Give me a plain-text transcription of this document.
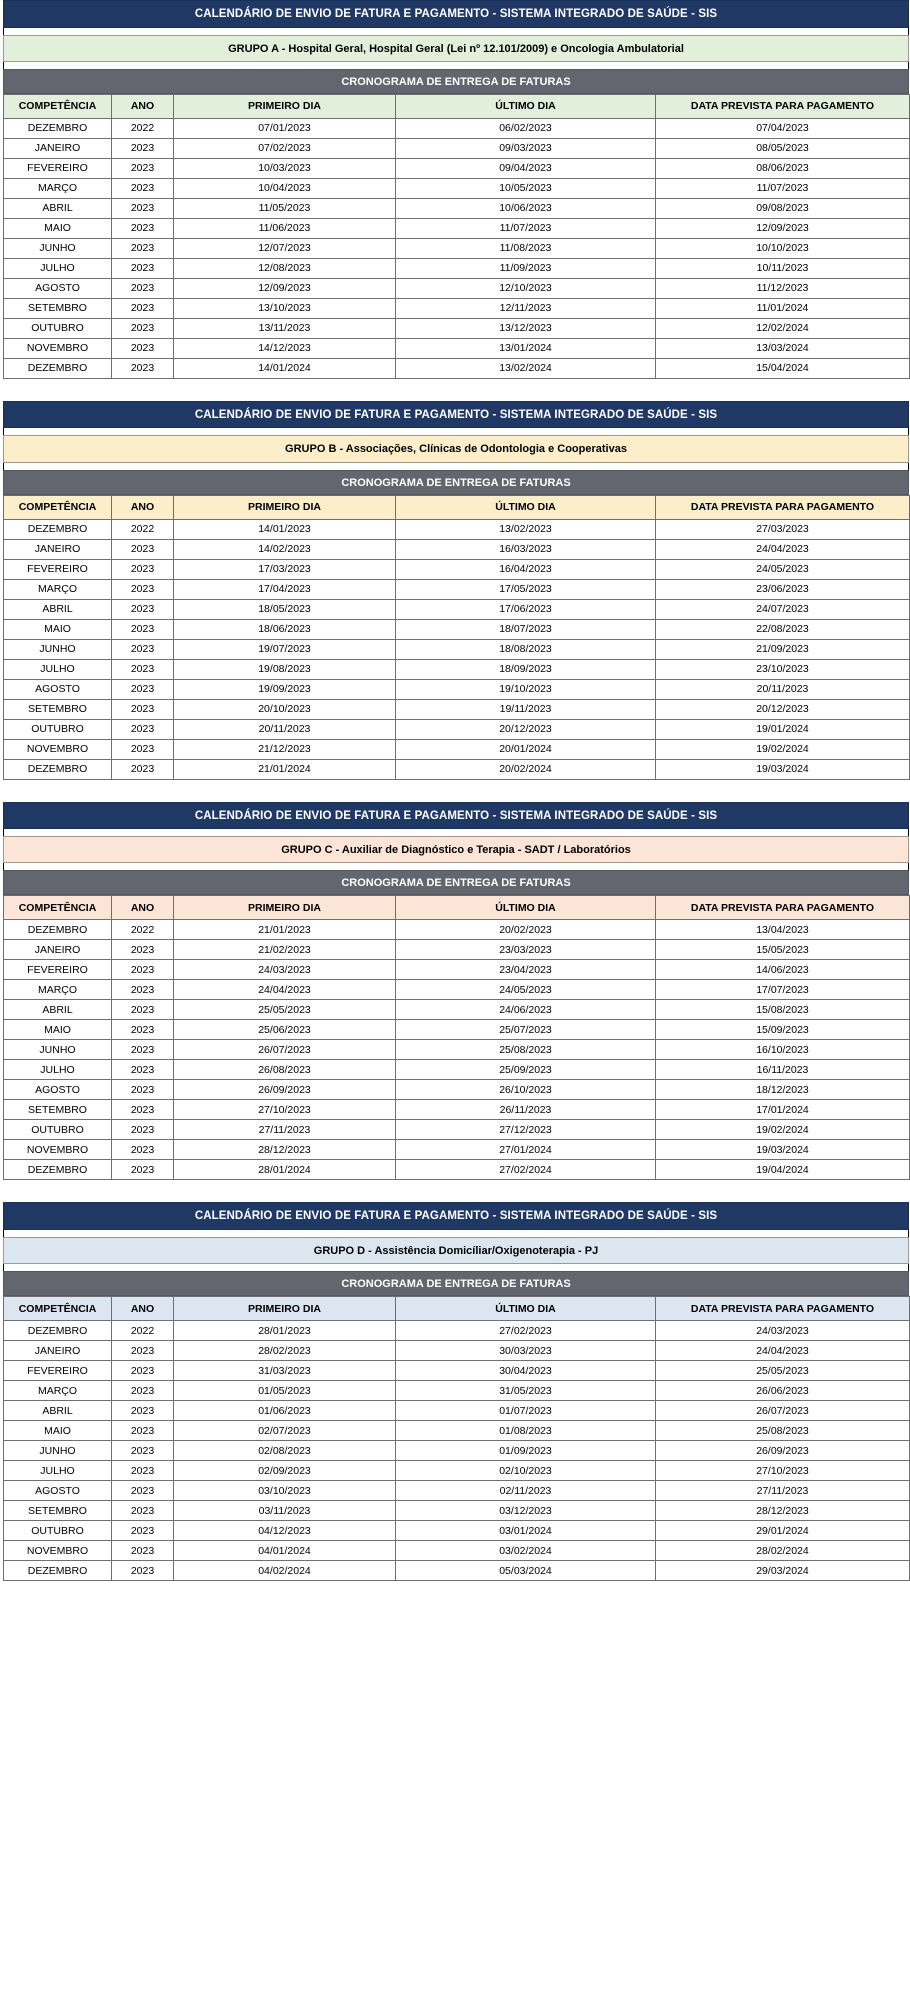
CALENDÁRIO DE ENVIO DE FATURA E PAGAMENTO - SISTEMA INTEGRADO DE SAÚDE - SIS
GRUPO A - Hospital Geral, Hospital Geral (Lei nº 12.101/2009) e Oncologia Ambulatorial
CRONOGRAMA DE ENTREGA DE FATURAS
COMPETÊNCIA	ANO	PRIMEIRO DIA	ÚLTIMO DIA	DATA PREVISTA PARA PAGAMENTO
DEZEMBRO	2022	07/01/2023	06/02/2023	07/04/2023
JANEIRO	2023	07/02/2023	09/03/2023	08/05/2023
FEVEREIRO	2023	10/03/2023	09/04/2023	08/06/2023
MARÇO	2023	10/04/2023	10/05/2023	11/07/2023
ABRIL	2023	11/05/2023	10/06/2023	09/08/2023
MAIO	2023	11/06/2023	11/07/2023	12/09/2023
JUNHO	2023	12/07/2023	11/08/2023	10/10/2023
JULHO	2023	12/08/2023	11/09/2023	10/11/2023
AGOSTO	2023	12/09/2023	12/10/2023	11/12/2023
SETEMBRO	2023	13/10/2023	12/11/2023	11/01/2024
OUTUBRO	2023	13/11/2023	13/12/2023	12/02/2024
NOVEMBRO	2023	14/12/2023	13/01/2024	13/03/2024
DEZEMBRO	2023	14/01/2024	13/02/2024	15/04/2024
CALENDÁRIO DE ENVIO DE FATURA E PAGAMENTO - SISTEMA INTEGRADO DE SAÚDE - SIS
GRUPO B - Associações, Clínicas de Odontologia e Cooperativas
CRONOGRAMA DE ENTREGA DE FATURAS
COMPETÊNCIA	ANO	PRIMEIRO DIA	ÚLTIMO DIA	DATA PREVISTA PARA PAGAMENTO
DEZEMBRO	2022	14/01/2023	13/02/2023	27/03/2023
JANEIRO	2023	14/02/2023	16/03/2023	24/04/2023
FEVEREIRO	2023	17/03/2023	16/04/2023	24/05/2023
MARÇO	2023	17/04/2023	17/05/2023	23/06/2023
ABRIL	2023	18/05/2023	17/06/2023	24/07/2023
MAIO	2023	18/06/2023	18/07/2023	22/08/2023
JUNHO	2023	19/07/2023	18/08/2023	21/09/2023
JULHO	2023	19/08/2023	18/09/2023	23/10/2023
AGOSTO	2023	19/09/2023	19/10/2023	20/11/2023
SETEMBRO	2023	20/10/2023	19/11/2023	20/12/2023
OUTUBRO	2023	20/11/2023	20/12/2023	19/01/2024
NOVEMBRO	2023	21/12/2023	20/01/2024	19/02/2024
DEZEMBRO	2023	21/01/2024	20/02/2024	19/03/2024
CALENDÁRIO DE ENVIO DE FATURA E PAGAMENTO - SISTEMA INTEGRADO DE SAÚDE - SIS
GRUPO C - Auxiliar de Diagnóstico e Terapia - SADT / Laboratórios
CRONOGRAMA DE ENTREGA DE FATURAS
COMPETÊNCIA	ANO	PRIMEIRO DIA	ÚLTIMO DIA	DATA PREVISTA PARA PAGAMENTO
DEZEMBRO	2022	21/01/2023	20/02/2023	13/04/2023
JANEIRO	2023	21/02/2023	23/03/2023	15/05/2023
FEVEREIRO	2023	24/03/2023	23/04/2023	14/06/2023
MARÇO	2023	24/04/2023	24/05/2023	17/07/2023
ABRIL	2023	25/05/2023	24/06/2023	15/08/2023
MAIO	2023	25/06/2023	25/07/2023	15/09/2023
JUNHO	2023	26/07/2023	25/08/2023	16/10/2023
JULHO	2023	26/08/2023	25/09/2023	16/11/2023
AGOSTO	2023	26/09/2023	26/10/2023	18/12/2023
SETEMBRO	2023	27/10/2023	26/11/2023	17/01/2024
OUTUBRO	2023	27/11/2023	27/12/2023	19/02/2024
NOVEMBRO	2023	28/12/2023	27/01/2024	19/03/2024
DEZEMBRO	2023	28/01/2024	27/02/2024	19/04/2024
CALENDÁRIO DE ENVIO DE FATURA E PAGAMENTO - SISTEMA INTEGRADO DE SAÚDE - SIS
GRUPO D - Assistência Domicíliar/Oxigenoterapia - PJ
CRONOGRAMA DE ENTREGA DE FATURAS
COMPETÊNCIA	ANO	PRIMEIRO DIA	ÚLTIMO DIA	DATA PREVISTA PARA PAGAMENTO
DEZEMBRO	2022	28/01/2023	27/02/2023	24/03/2023
JANEIRO	2023	28/02/2023	30/03/2023	24/04/2023
FEVEREIRO	2023	31/03/2023	30/04/2023	25/05/2023
MARÇO	2023	01/05/2023	31/05/2023	26/06/2023
ABRIL	2023	01/06/2023	01/07/2023	26/07/2023
MAIO	2023	02/07/2023	01/08/2023	25/08/2023
JUNHO	2023	02/08/2023	01/09/2023	26/09/2023
JULHO	2023	02/09/2023	02/10/2023	27/10/2023
AGOSTO	2023	03/10/2023	02/11/2023	27/11/2023
SETEMBRO	2023	03/11/2023	03/12/2023	28/12/2023
OUTUBRO	2023	04/12/2023	03/01/2024	29/01/2024
NOVEMBRO	2023	04/01/2024	03/02/2024	28/02/2024
DEZEMBRO	2023	04/02/2024	05/03/2024	29/03/2024
